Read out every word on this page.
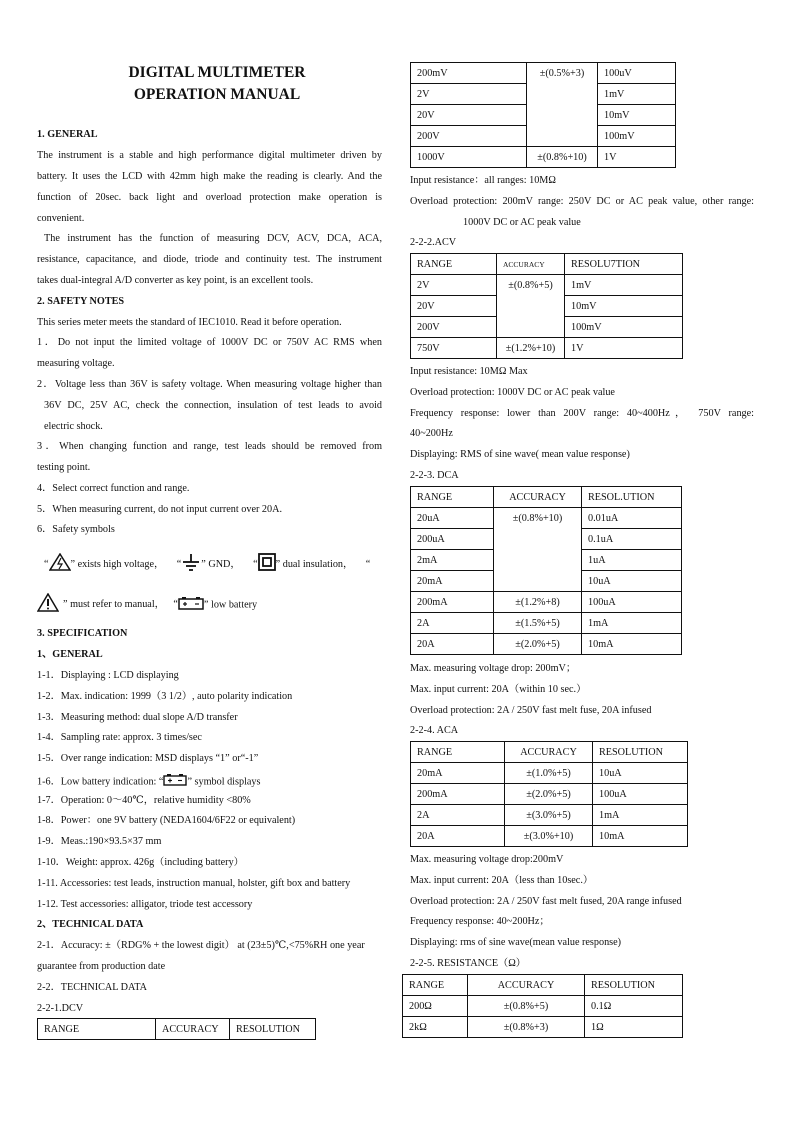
DIGITAL MULTIMETER
OPERATION MANUAL
1. GENERAL
The instrument is a stable and high performance digital multimeter driven by
battery. It uses the LCD with 42mm high make the reading is clearly. And the
function of 20sec. back light and overload protection make operation is
convenient.
The instrument has the function of measuring DCV, ACV, DCA, ACA,
resistance, capacitance, and diode, triode and continuity test. The instrument
takes dual-integral A/D converter as key point, is an excellent tools.
2. SAFETY NOTES
This series meter meets the standard of IEC1010. Read it before operation.
1．Do not input the limited voltage of 1000V DC or 750V AC RMS when
measuring voltage.
2．Voltage less than 36V is safety voltage. When measuring voltage higher than
36V DC, 25V AC, check the connection, insulation of test leads to avoid
electric shock.
3．When changing function and range, test leads should be removed from
testing point.
4．Select correct function and range.
5．When measuring current, do not input current over 20A.
6．Safety symbols
“ ” exists high voltage， “ ” GND， “ ” dual insulation， “
” must refer to manual， “	” low battery
3. SPECIFICATION
1、GENERAL
1-1．Displaying : LCD displaying
1-2．Max. indication: 1999（3 1/2）, auto polarity indication
1-3．Measuring method: dual slope A/D transfer
1-4．Sampling rate: approx. 3 times/sec
1-5．Over range indication: MSD displays “1” or“-1”
1-6．Low battery indication: “ ” symbol displays
1-7．Operation: 0～40℃，relative humidity <80%
1-8．Power：one 9V battery (NEDA1604/6F22 or equivalent)
1-9．Meas.:190×93.5×37 mm
1-10．Weight: approx. 426g（including battery）
1-11. Accessories: test leads, instruction manual, holster, gift box and battery
1-12. Test accessories: alligator, triode test accessory
2、TECHNICAL DATA
2-1．Accuracy: ±（RDG% + the lowest digit） at (23±5)℃,<75%RH one year
guarantee from production date
2-2．TECHNICAL DATA
2-2-1.DCV
RANGE	ACCURACY	RESOLUTION
200mV	±(0.5%+3)	100uV
2V		1mV
20V		10mV
200V		100mV
1000V	±(0.8%+10)	1V
Input resistance：all ranges: 10MΩ
Overload protection: 200mV range: 250V DC or AC peak value, other range:
1000V DC or AC peak value
2-2-2.ACV
RANGE	ACCURACY	RESOLU7TION
2V	±(0.8%+5)	1mV
20V		10mV
200V		100mV
750V	±(1.2%+10)	1V
Input resistance: 10MΩ Max
Overload protection: 1000V DC or AC peak value
Frequency response: lower than 200V range: 40~400Hz， 750V range:
40~200Hz
Displaying: RMS of sine wave( mean value response)
2-2-3. DCA
RANGE	ACCURACY	RESOL.UTION
20uA	±(0.8%+10)	0.01uA
200uA		0.1uA
2mA		1uA
20mA		10uA
200mA	±(1.2%+8)	100uA
2A	±(1.5%+5)	1mA
20A	±(2.0%+5)	10mA
Max. measuring voltage drop: 200mV；
Max. input current: 20A（within 10 sec.）
Overload protection: 2A / 250V fast melt fuse, 20A infused
2-2-4. ACA
RANGE	ACCURACY	RESOLUTION
20mA	±(1.0%+5)	10uA
200mA	±(2.0%+5)	100uA
2A	±(3.0%+5)	1mA
20A	±(3.0%+10)	10mA
Max. measuring voltage drop:200mV
Max. input current: 20A（less than 10sec.）
Overload protection: 2A / 250V fast melt fused, 20A range infused
Frequency response: 40~200Hz；
Displaying: rms of sine wave(mean value response)
2-2-5. RESISTANCE（Ω）
RANGE	ACCURACY	RESOLUTION
200Ω	±(0.8%+5)	0.1Ω
2kΩ	±(0.8%+3)	1Ω
